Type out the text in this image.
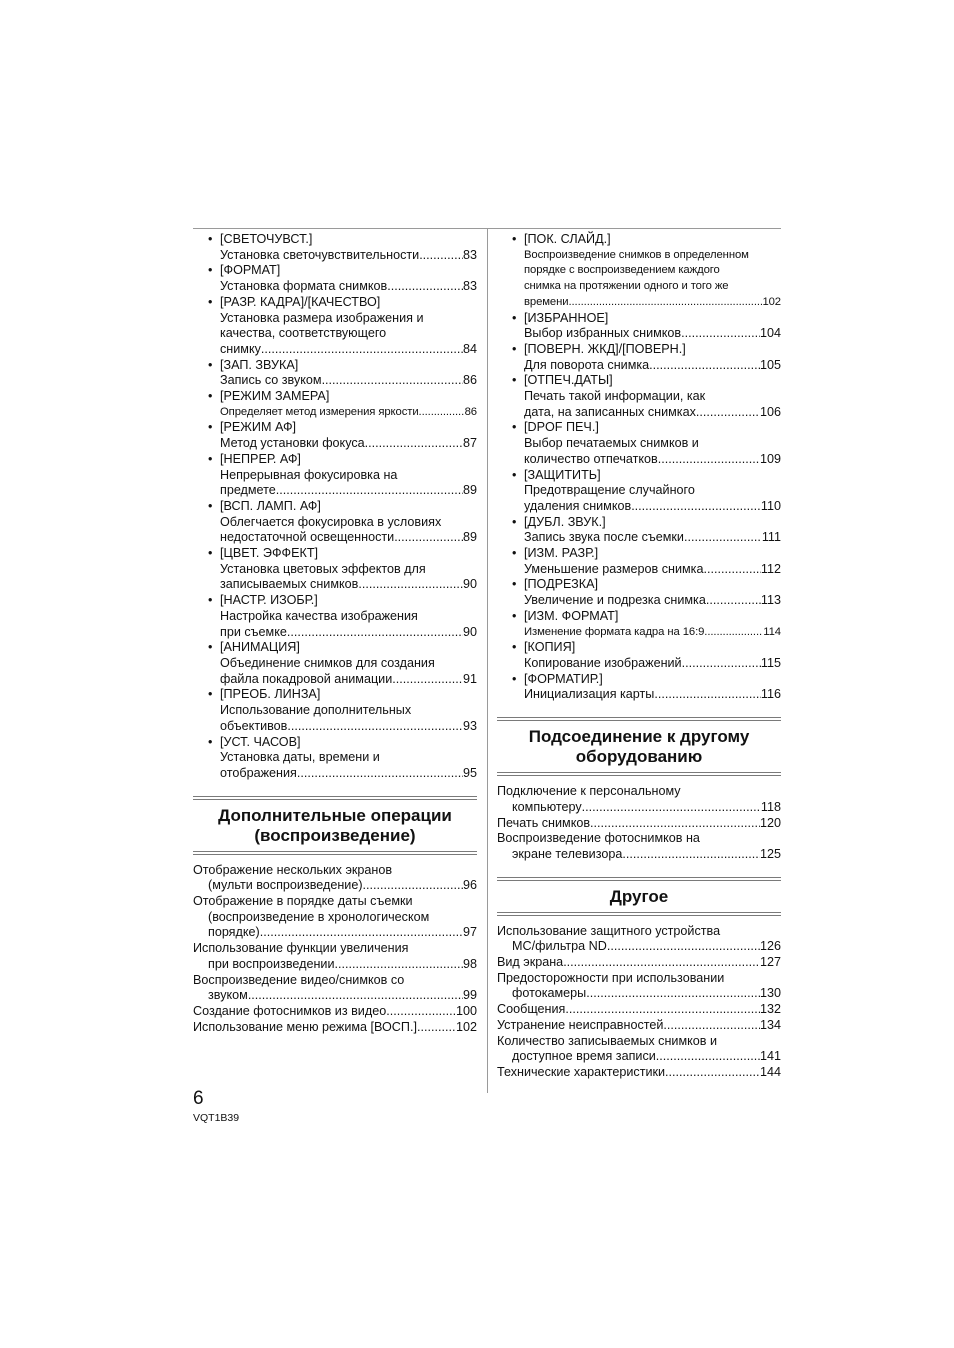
• [СВЕТОЧУВСТ.]
Установка светочувствительности .....	83
• [ФОРМАТ]
Установка формата снимков .....	83
• [РАЗР. КАДРА]/[КАЧЕСТВО]
Установка размера изображения и
качества, соответствующего
снимку .....	84
• [ЗАП. ЗВУКА]
Запись со звуком .....	86
• [РЕЖИМ ЗАМЕРА]
Определяет метод измерения яркости .....	86
• [РЕЖИМ АФ]
Метод установки фокуса .....	87
• [НЕПРЕР. АФ]
Непрерывная фокусировка на
предмете .....	89
• [ВСП. ЛАМП. АФ]
Облегчается фокусировка в условиях
недостаточной освещенности .....	89
• [ЦВЕТ. ЭФФЕКТ]
Установка цветовых эффектов для
записываемых снимков .....	90
• [НАСТР. ИЗОБР.]
Настройка качества изображения
при съемке .....	90
• [АНИМАЦИЯ]
Объединение снимков для создания
файла покадровой анимации .....	91
• [ПРЕОБ. ЛИНЗА]
Использование дополнительных
объективов .....	93
• [УСТ. ЧАСОВ]
Установка даты, времени и
отображения .....	95
Дополнительные операции
(воспроизведение)
Отображение нескольких экранов
(мульти воспроизведение) .....	96
Отображение в порядке даты съемки
(воспроизведение в хронологическом
порядке) .....	97
Использование функции увеличения
при воспроизведении .....	98
Воспроизведение видео/снимков со
звуком .....	99
Создание фотоснимков из видео .....	100
Использование меню режима [ВОСП.] .....	102
• [ПОК. СЛАЙД.]
Воспроизведение снимков в определенном
порядке с воспроизведением каждого
снимка на протяжении одного и того же
времени .....	102
• [ИЗБРАННОЕ]
Выбор избранных снимков .....	104
• [ПОВЕРН. ЖКД]/[ПОВЕРН.]
Для поворота снимка .....	105
• [ОТПЕЧ.ДАТЫ]
Печать такой информации, как
дата, на записанных снимках .....	106
• [DPOF ПЕЧ.]
Выбор печатаемых снимков и
количество отпечатков .....	109
• [ЗАЩИТИТЬ]
Предотвращение случайного
удаления снимков .....	110
• [ДУБЛ. ЗВУК.]
Запись звука после съемки .....	111
• [ИЗМ. РАЗР.]
Уменьшение размеров снимка .....	112
• [ПОДРЕЗКА]
Увеличение и подрезка снимка .....	113
• [ИЗМ. ФОРМАТ]
Изменение формата кадра на 16:9 .....	114
• [КОПИЯ]
Копирование изображений .....	115
• [ФОРМАТИР.]
Инициализация карты .....	116
Подсоединение к другому
оборудованию
Подключение к персональному
компьютеру .....	118
Печать снимков .....	120
Воспроизведение фотоснимков на
экране телевизора .....	125
Другое
Использование защитного устройства
MC/фильтра ND .....	126
Вид экрана .....	127
Предосторожности при использовании
фотокамеры .....	130
Сообщения .....	132
Устранение неисправностей .....	134
Количество записываемых снимков и
доступное время записи .....	141
Технические характеристики .....	144
6
VQT1B39
